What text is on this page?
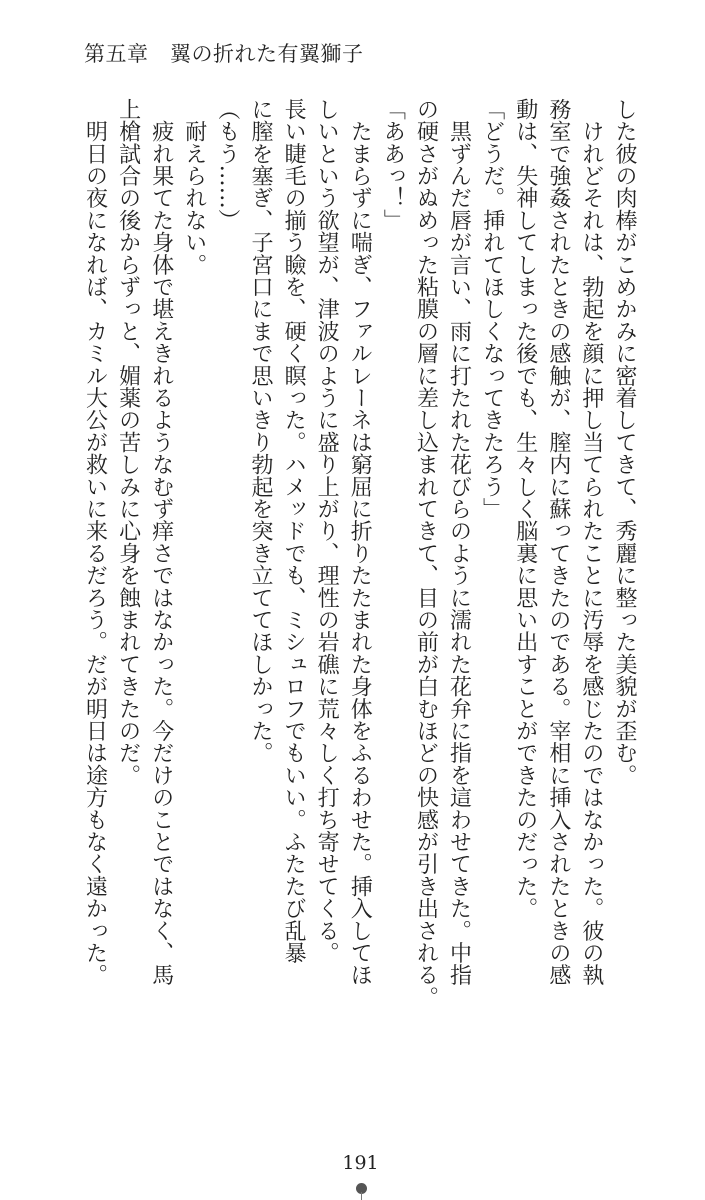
第五章　翼の折れた有翼獅子
した彼の肉棒がこめかみに密着してきて、秀麗に整った美貌が歪む。
　けれどそれは、勃起を顔に押し当てられたことに汚辱を感じたのではなかった。彼の執
務室で強姦されたときの感触が、膣内に蘇ってきたのである。宰相に挿入されたときの感
動は、失神してしまった後でも、生々しく脳裏に思い出すことができたのだった。
「どうだ。挿れてほしくなってきたろう」
　黒ずんだ唇が言い、雨に打たれた花びらのように濡れた花弁に指を這わせてきた。中指
の硬さがぬめった粘膜の層に差し込まれてきて、目の前が白むほどの快感が引き出される。
「ああっ！」
　たまらずに喘ぎ、ファルレーネは窮屈に折りたたまれた身体をふるわせた。挿入してほ
しいという欲望が、津波のように盛り上がり、理性の岩礁に荒々しく打ち寄せてくる。
長い睫毛の揃う瞼を、硬く瞑った。ハメッドでも、ミシュロフでもいい。ふたたび乱暴
に膣を塞ぎ、子宮口にまで思いきり勃起を突き立ててほしかった。
（もう……）
　耐えられない。
　疲れ果てた身体で堪えきれるようなむず痒さではなかった。今だけのことではなく、馬
上槍試合の後からずっと、媚薬の苦しみに心身を蝕まれてきたのだ。
　明日の夜になれば、カミル大公が救いに来るだろう。だが明日は途方もなく遠かった。
191
